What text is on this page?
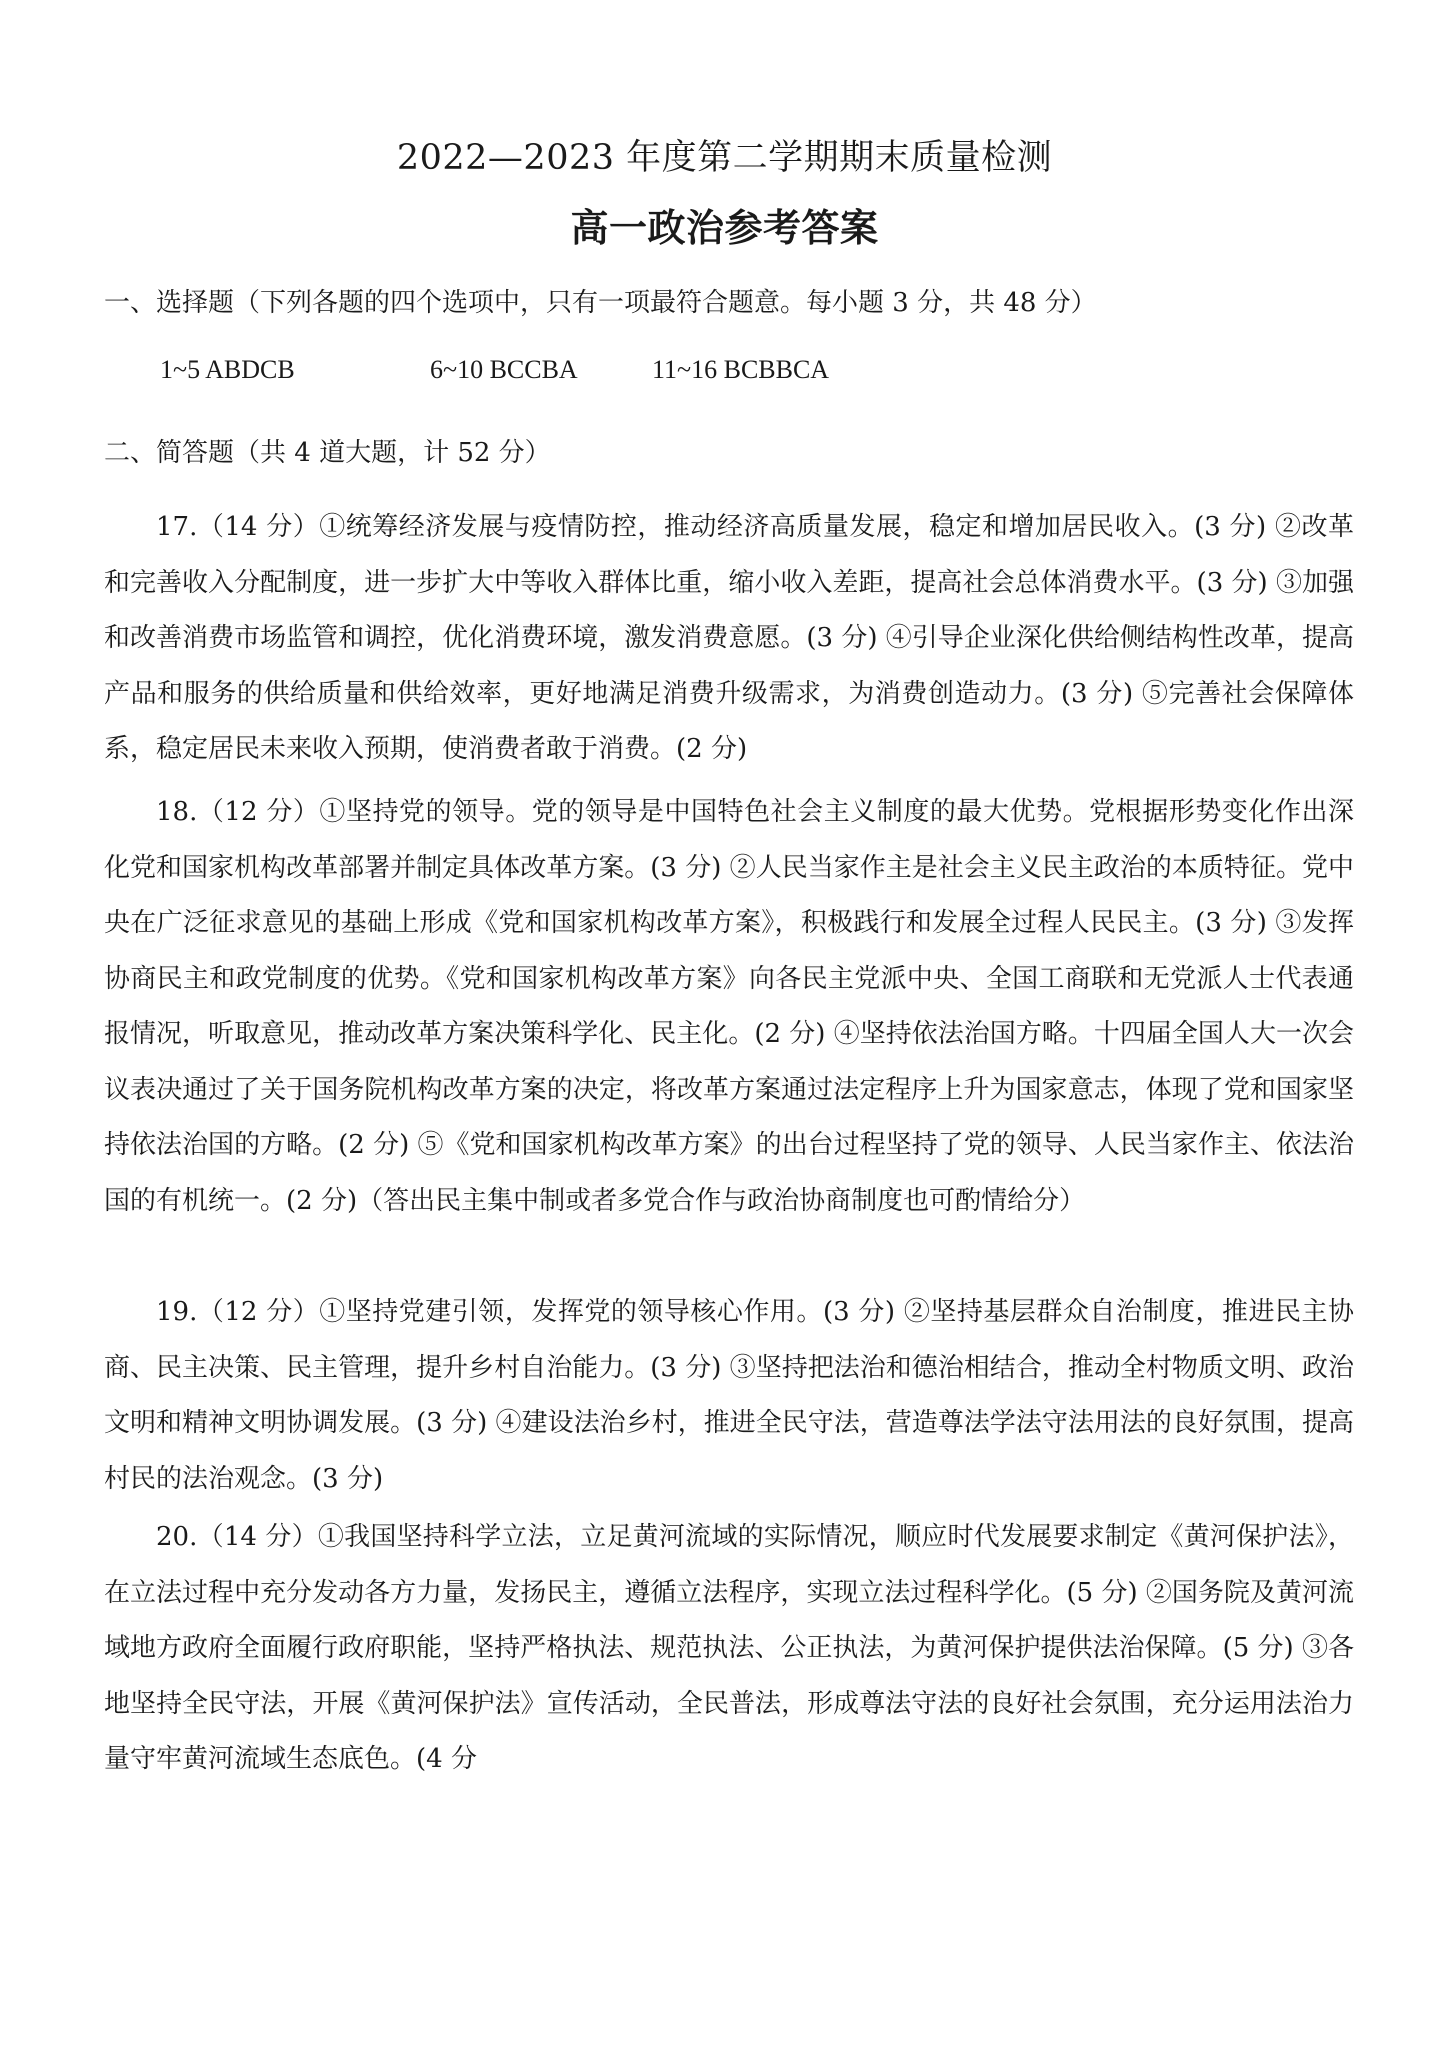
2022—2023 年度第二学期期末质量检测
高一政治参考答案
一、选择题（下列各题的四个选项中，只有一项最符合题意。每小题 3 分，共 48 分）
1~5 ABDCB	6~10 BCCBA	11~16 BCBBCA
二、简答题（共 4 道大题，计 52 分）

17.（14 分）①统筹经济发展与疫情防控，推动经济高质量发展，稳定和增加居民收入。(3 分) ②改革和完善收入分配制度，进一步扩大中等收入群体比重，缩小收入差距，提高社会总体消费水平。(3 分) ③加强和改善消费市场监管和调控，优化消费环境，激发消费意愿。(3 分) ④引导企业深化供给侧结构性改革，提高产品和服务的供给质量和供给效率，更好地满足消费升级需求，为消费创造动力。(3 分) ⑤完善社会保障体系，稳定居民未来收入预期，使消费者敢于消费。(2 分)

18.（12 分）①坚持党的领导。党的领导是中国特色社会主义制度的最大优势。党根据形势变化作出深化党和国家机构改革部署并制定具体改革方案。(3 分) ②人民当家作主是社会主义民主政治的本质特征。党中央在广泛征求意见的基础上形成《党和国家机构改革方案》，积极践行和发展全过程人民民主。(3 分) ③发挥协商民主和政党制度的优势。《党和国家机构改革方案》向各民主党派中央、全国工商联和无党派人士代表通报情况，听取意见，推动改革方案决策科学化、民主化。(2 分) ④坚持依法治国方略。十四届全国人大一次会议表决通过了关于国务院机构改革方案的决定，将改革方案通过法定程序上升为国家意志，体现了党和国家坚持依法治国的方略。(2 分) ⑤《党和国家机构改革方案》的出台过程坚持了党的领导、人民当家作主、依法治国的有机统一。(2 分)（答出民主集中制或者多党合作与政治协商制度也可酌情给分）

19.（12 分）①坚持党建引领，发挥党的领导核心作用。(3 分) ②坚持基层群众自治制度，推进民主协商、民主决策、民主管理，提升乡村自治能力。(3 分) ③坚持把法治和德治相结合，推动全村物质文明、政治文明和精神文明协调发展。(3 分) ④建设法治乡村，推进全民守法，营造尊法学法守法用法的良好氛围，提高村民的法治观念。(3 分)

20.（14 分）①我国坚持科学立法，立足黄河流域的实际情况，顺应时代发展要求制定《黄河保护法》，在立法过程中充分发动各方力量，发扬民主，遵循立法程序，实现立法过程科学化。(5 分) ②国务院及黄河流域地方政府全面履行政府职能，坚持严格执法、规范执法、公正执法，为黄河保护提供法治保障。(5 分) ③各地坚持全民守法，开展《黄河保护法》宣传活动，全民普法，形成尊法守法的良好社会氛围，充分运用法治力量守牢黄河流域生态底色。(4 分
